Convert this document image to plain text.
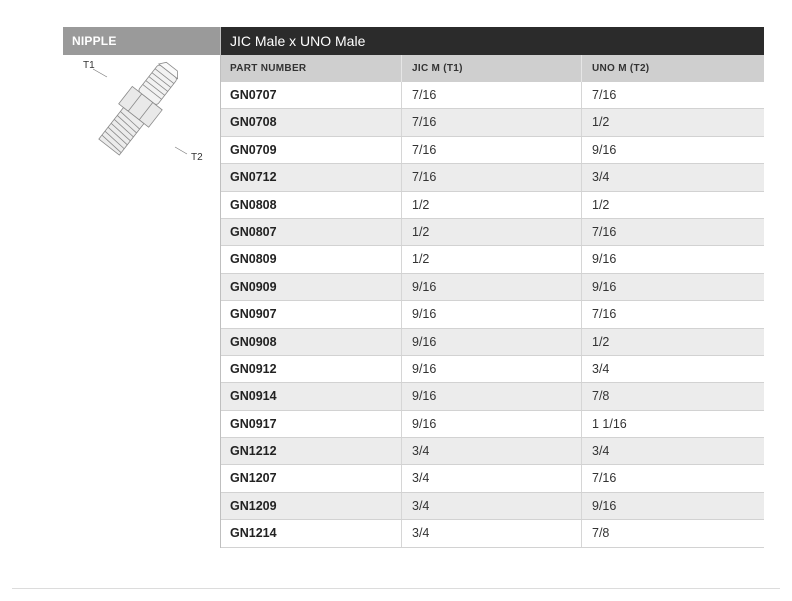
NIPPLE
T1
T2
JIC Male x UNO Male
PART NUMBER	JIC M (T1)	UNO M (T2)
GN0707	7/16	7/16
GN0708	7/16	1/2
GN0709	7/16	9/16
GN0712	7/16	3/4
GN0808	1/2	1/2
GN0807	1/2	7/16
GN0809	1/2	9/16
GN0909	9/16	9/16
GN0907	9/16	7/16
GN0908	9/16	1/2
GN0912	9/16	3/4
GN0914	9/16	7/8
GN0917	9/16	1 1/16
GN1212	3/4	3/4
GN1207	3/4	7/16
GN1209	3/4	9/16
GN1214	3/4	7/8
